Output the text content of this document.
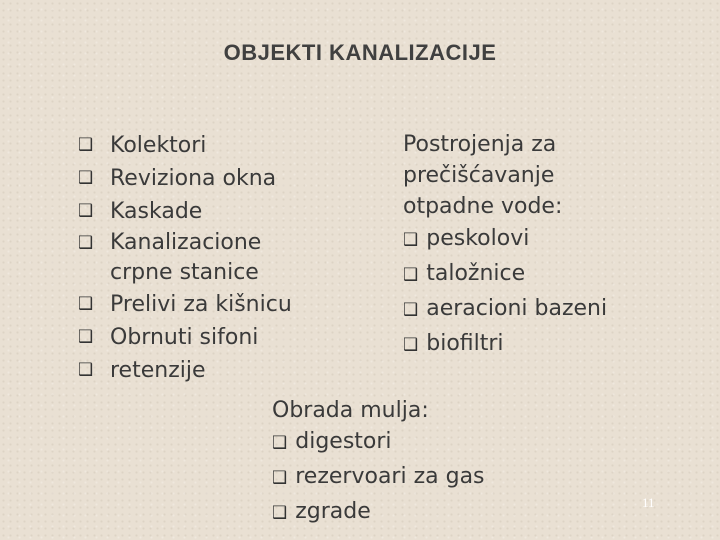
OBJEKTI KANALIZACIJE
❑ Kolektori
❑ Reviziona okna
❑ Kaskade
❑ Kanalizacione crpne stanice
❑ Prelivi za kišnicu
❑ Obrnuti sifoni
❑ retenzije
Postrojenja za prečišćavanje otpadne vode:
❑ peskolovi
❑ taložnice
❑ aeracioni bazeni
❑ biofiltri
Obrada mulja:
❑ digestori
❑ rezervoari za gas
❑ zgrade	11
